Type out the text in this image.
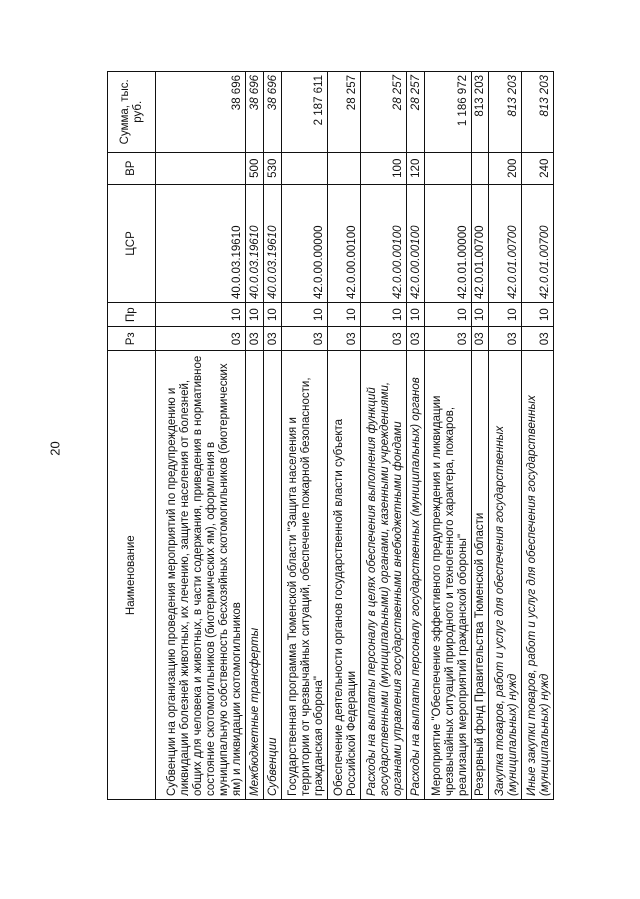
20
Наименование	Рз	Пр	ЦСР	ВР	Сумма, тыс. руб.
Субвенции на организацию проведения мероприятий по предупреждению и ликвидации болезней животных, их лечению, защите населения от болезней, общих для человека и животных, в части содержания, приведения в нормативное состояние скотомогильников (биотермических ям), оформления в муниципальную собственность бесхозяйных скотомогильников (биотермических ям) и ликвидации скотомогильников	03	10	40.0.03.19610		38 696
Межбюджетные трансферты	03	10	40.0.03.19610	500	38 696
Субвенции	03	10	40.0.03.19610	530	38 696
Государственная программа Тюменской области "Защита населения и территории от чрезвычайных ситуаций, обеспечение пожарной безопасности, гражданская оборона"	03	10	42.0.00.00000		2 187 611
Обеспечение деятельности органов государственной власти субъекта Российской Федерации	03	10	42.0.00.00100		28 257
Расходы на выплаты персоналу в целях обеспечения выполнения функций государственными (муниципальными) органами, казенными учреждениями, органами управления государственными внебюджетными фондами	03	10	42.0.00.00100	100	28 257
Расходы на выплаты персоналу государственных (муниципальных) органов	03	10	42.0.00.00100	120	28 257
Мероприятие "Обеспечение эффективного предупреждения и ликвидации чрезвычайных ситуаций природного и техногенного характера, пожаров, реализация мероприятий гражданской обороны"	03	10	42.0.01.00000		1 186 972
Резервный фонд Правительства Тюменской области	03	10	42.0.01.00700		813 203
Закупка товаров, работ и услуг для обеспечения государственных (муниципальных) нужд	03	10	42.0.01.00700	200	813 203
Иные закупки товаров, работ и услуг для обеспечения государственных (муниципальных) нужд	03	10	42.0.01.00700	240	813 203
